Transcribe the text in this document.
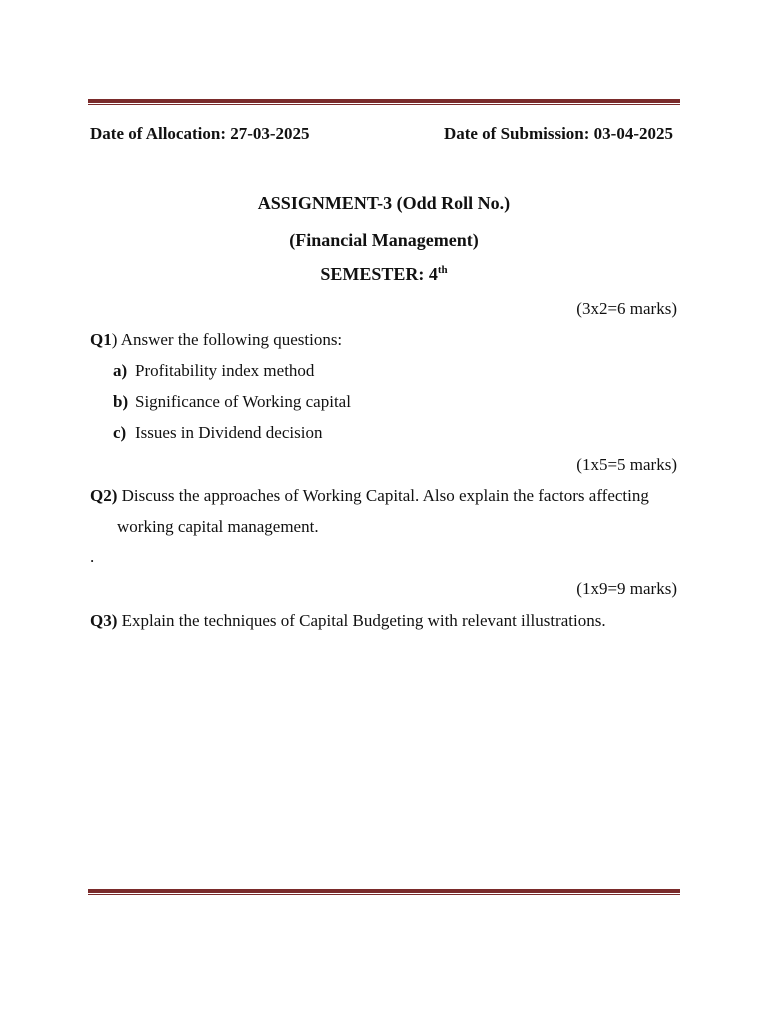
Date of Allocation: 27-03-2025	Date of Submission: 03-04-2025
ASSIGNMENT-3 (Odd Roll No.)
(Financial Management)
SEMESTER: 4th
(3x2=6 marks)
Q1) Answer the following questions:
a) Profitability index method
b) Significance of Working capital
c) Issues in Dividend decision
(1x5=5 marks)
Q2) Discuss the approaches of Working Capital. Also explain the factors affecting
working capital management.
.
(1x9=9 marks)
Q3) Explain the techniques of Capital Budgeting with relevant illustrations.
